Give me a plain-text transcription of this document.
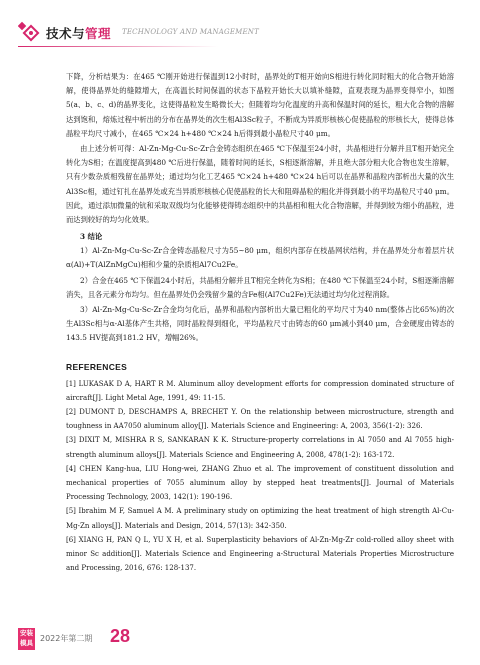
技术与管理 TECHNOLOGY AND MANAGEMENT

下降，分析结果为：在465 ℃刚开始进行保温到12小时时，晶界处的T相开始向S相进行转化同时粗大的化合物开始溶解，使得晶界处的缝隙增大，在高温长时间保温的状态下晶粒开始长大以填补缝隙，直观表现为晶界变得窄小，如图5(a、b、c、d)的晶界变化，这使得晶粒发生略微长大；但随着均匀化温度的升高和保温时间的延长，粗大化合物的溶解达到饱和，熔炼过程中析出的分布在晶界处的次生相Al3Sc粒子，不断成为异质形核核心促使晶粒的形核长大，使得总体晶粒平均尺寸减小，在465 ℃×24 h+480 ℃×24 h后得到最小晶粒尺寸40 μm。

由上述分析可得：Al-Zn-Mg-Cu-Sc-Zr合金铸态组织在465 ℃下保温至24小时，共晶相进行分解并且T相开始完全转化为S相；在温度提高到480 ℃后进行保温，随着时间的延长，S相逐渐溶解，并且绝大部分粗大化合物也发生溶解，只有少数杂质相残留在晶界处；通过均匀化工艺465 ℃×24 h+480 ℃×24 h后可以在晶界和晶粒内部析出大量的次生Al3Sc相，通过钉扎在晶界处或充当异质形核核心促使晶粒的长大和阻碍晶粒的粗化并得到最小的平均晶粒尺寸40 μm。因此，通过添加微量的钪和采取双级均匀化能够使得铸态组织中的共晶相和粗大化合物溶解，并得到较为细小的晶粒，进而达到较好的均匀化效果。

3 结论

1）Al-Zn-Mg-Cu-Sc-Zr合金铸态晶粒尺寸为55~80 μm，组织内部存在枝晶网状结构，并在晶界处分布着层片状α(Al)+T(AlZnMgCu)相和少量的杂质相Al7Cu2Fe。

2）合金在465 ℃下保温24小时后，共晶相分解并且T相完全转化为S相；在480 ℃下保温至24小时，S相逐渐溶解消失，且各元素分布均匀。但在晶界处仍会残留少量的含Fe相(Al7Cu2Fe)无法通过均匀化过程消除。

3）Al-Zn-Mg-Cu-Sc-Zr合金均匀化后，晶界和晶粒内部析出大量已粗化的平均尺寸为40 nm(整体占比65%)的次生Al3Sc相与α-Al基体产生共格，同时晶粒得到细化，平均晶粒尺寸由铸态的60 μm减小到40 μm，合金硬度由铸态的143.5 HV提高到181.2 HV，增幅26%。

REFERENCES

[1] LUKASAK D A, HART R M. Aluminum alloy development efforts for compression dominated structure of aircraft[J]. Light Metal Age, 1991, 49: 11-15.

[2] DUMONT D, DESCHAMPS A, BRECHET Y. On the relationship between microstructure, strength and toughness in AA7050 aluminum alloy[J]. Materials Science and Engineering: A, 2003, 356(1-2): 326.

[3] DIXIT M, MISHRA R S, SANKARAN K K. Structure-property correlations in Al 7050 and Al 7055 high-strength aluminum alloys[J]. Materials Science and Engineering A, 2008, 478(1-2): 163-172.

[4] CHEN Kang-hua, LIU Hong-wei, ZHANG Zhuo et al. The improvement of constituent dissolution and mechanical properties of 7055 aluminum alloy by stepped heat treatments[J]. Journal of Materials Processing Technology, 2003, 142(1): 190-196.

[5] Ibrahim M F, Samuel A M. A preliminary study on optimizing the heat treatment of high strength Al-Cu-Mg-Zn alloys[J]. Materials and Design, 2014, 57(13): 342-350.

[6] XIANG H, PAN Q L, YU X H, et al. Superplasticity behaviors of Al-Zn-Mg-Zr cold-rolled alloy sheet with minor Sc addition[J]. Materials Science and Engineering a-Structural Materials Properties Microstructure and Processing, 2016, 676: 128-137.

安装
模具 2022年第二期 28
